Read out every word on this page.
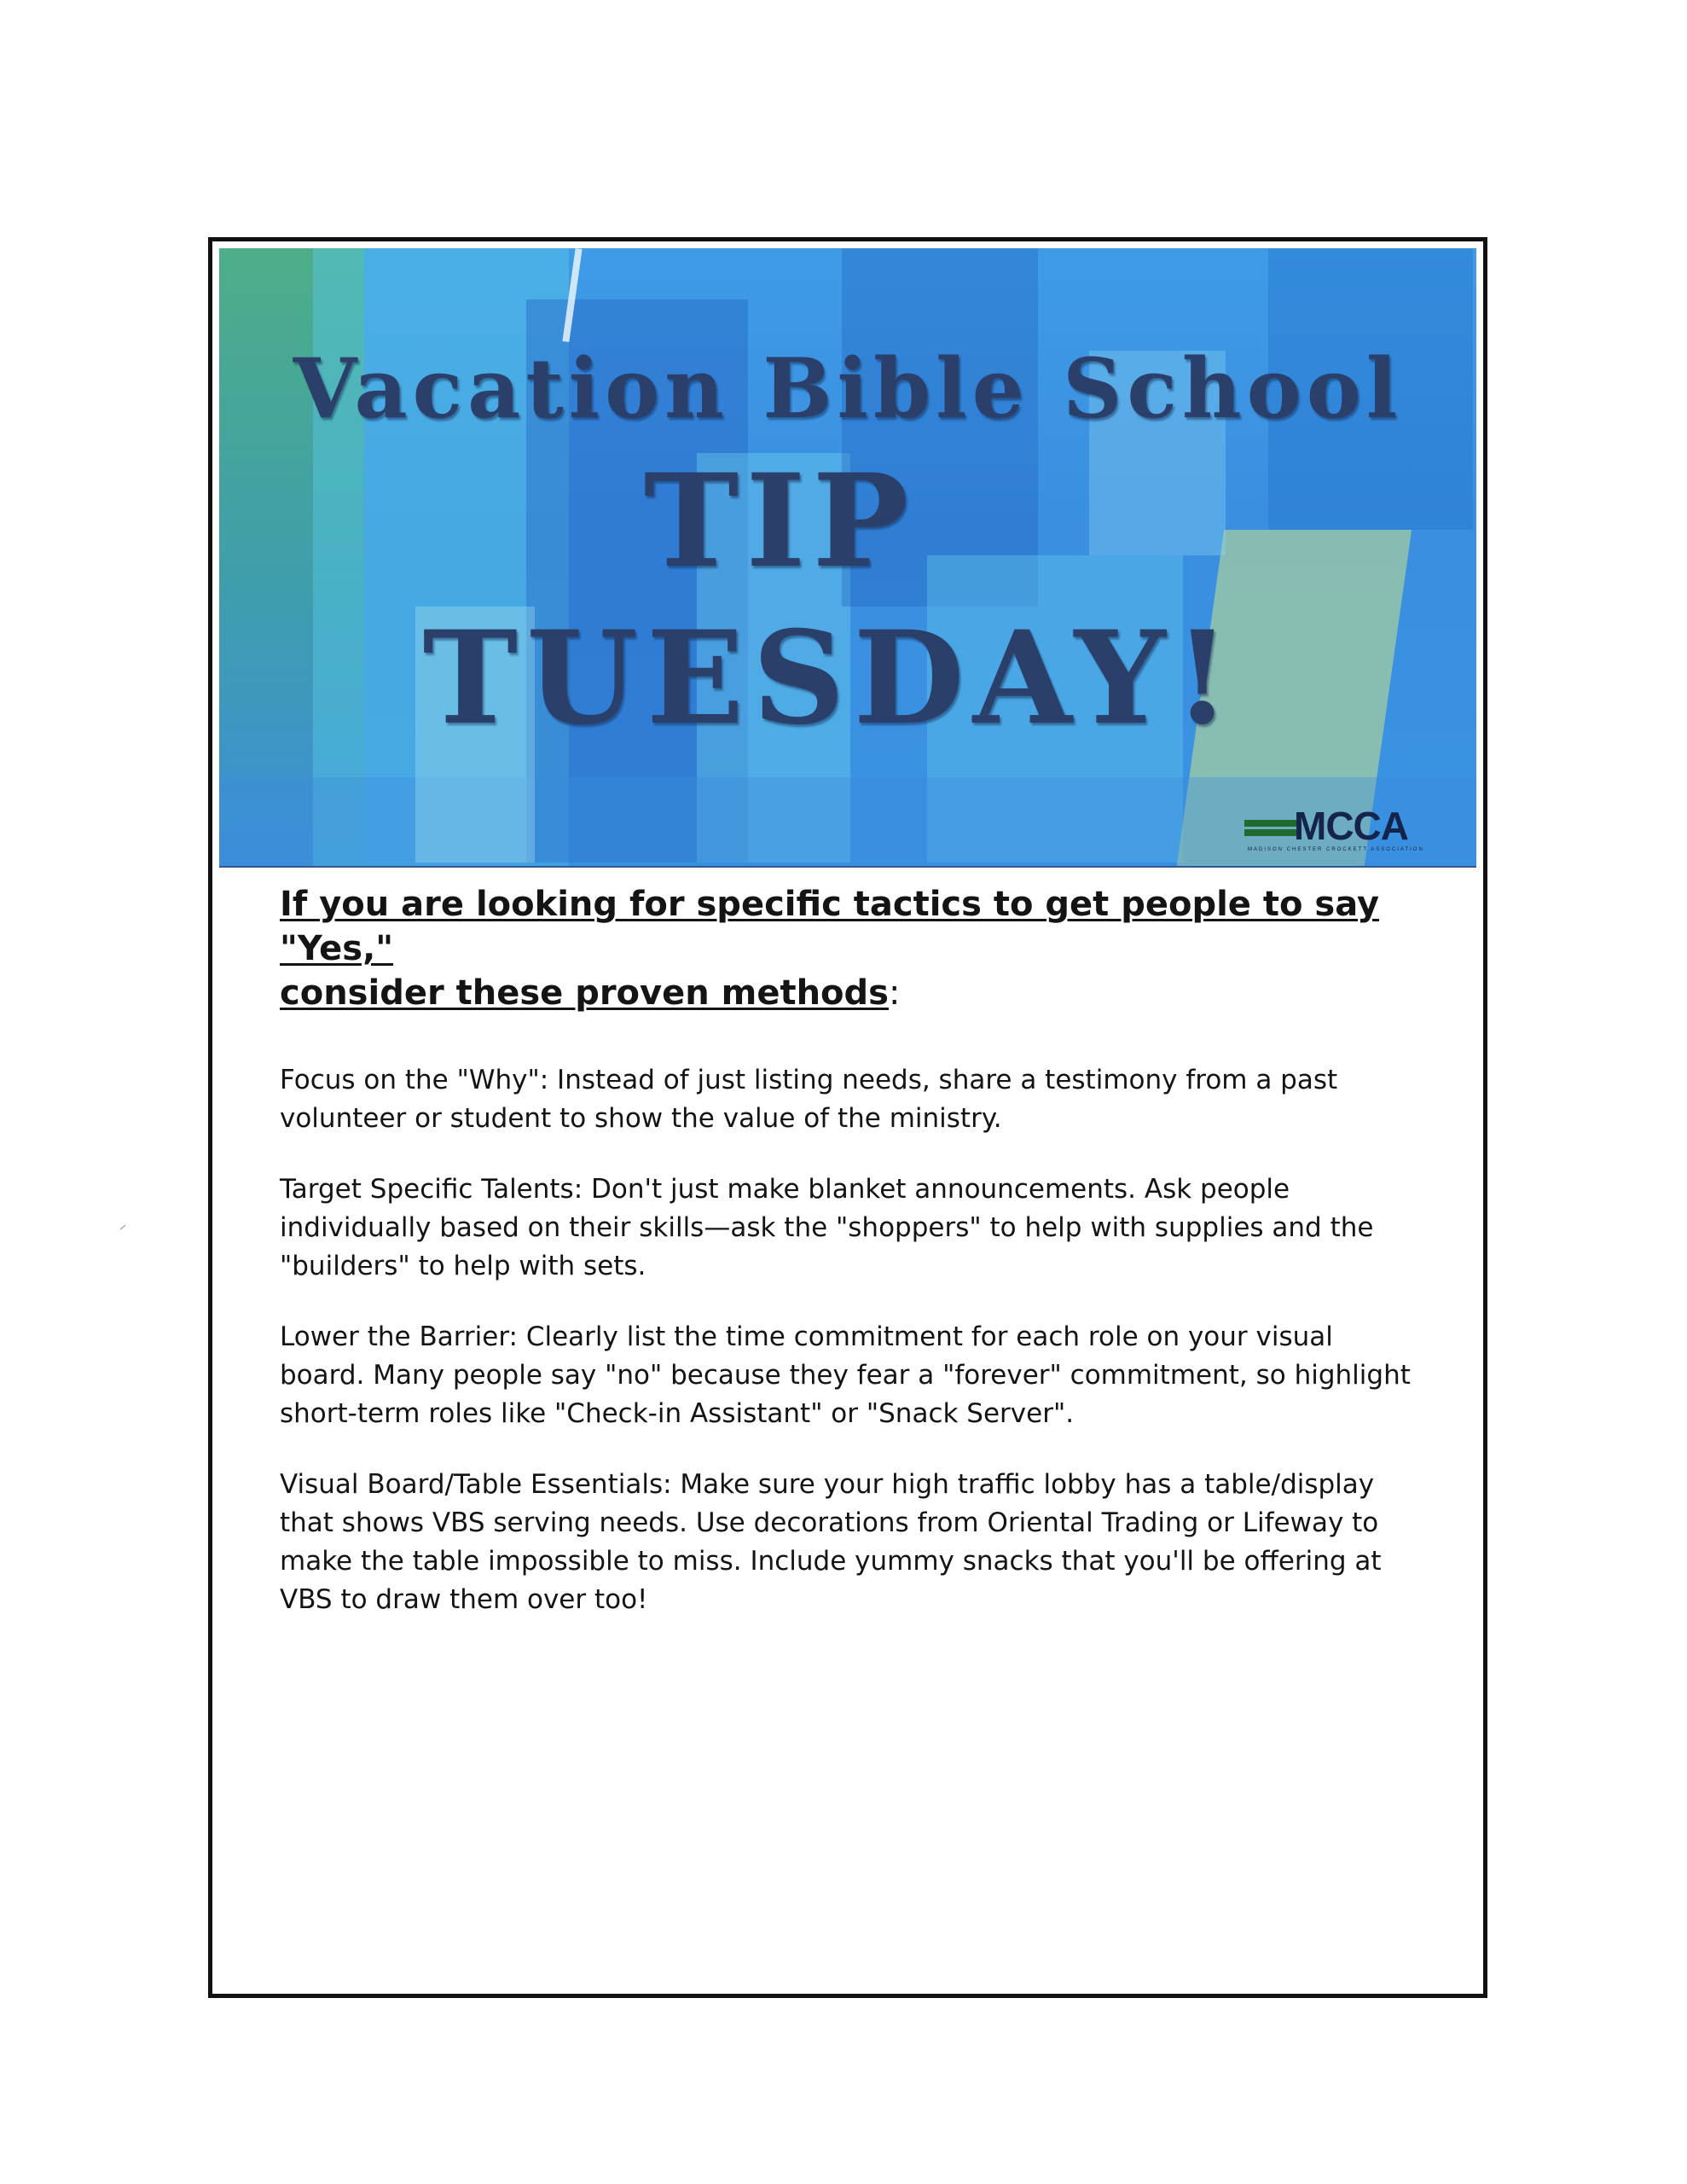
Vacation Bible School
TIP
TUESDAY!
MCCA
MADISON CHESTER CROCKETT ASSOCIATION

If you are looking for specific tactics to get people to say "Yes,"
consider these proven methods:

Focus on the "Why": Instead of just listing needs, share a testimony from a past volunteer or student to show the value of the ministry.

Target Specific Talents: Don't just make blanket announcements. Ask people individually based on their skills—ask the "shoppers" to help with supplies and the "builders" to help with sets.

Lower the Barrier: Clearly list the time commitment for each role on your visual board. Many people say "no" because they fear a "forever" commitment, so highlight short-term roles like "Check-in Assistant" or "Snack Server".

Visual Board/Table Essentials: Make sure your high traffic lobby has a table/display that shows VBS serving needs. Use decorations from Oriental Trading or Lifeway to make the table impossible to miss. Include yummy snacks that you'll be offering at VBS to draw them over too!
